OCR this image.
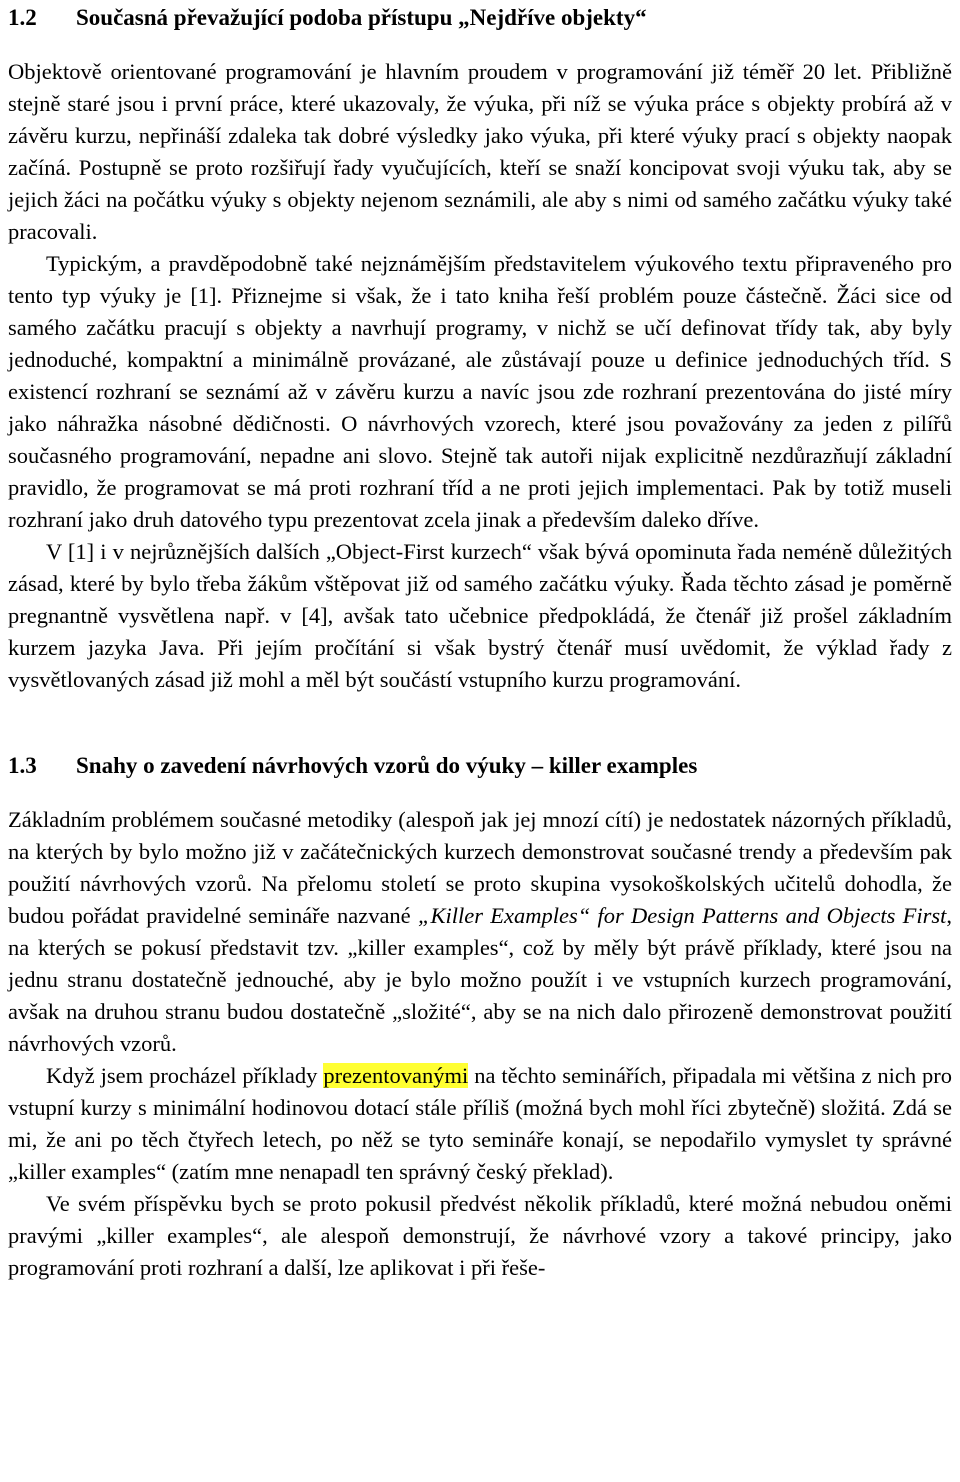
1.2	Současná převažující podoba přístupu „Nejdříve objekty“

Objektově orientované programování je hlavním proudem v programování již téměř 20 let. Přibližně stejně staré jsou i první práce, které ukazovaly, že výuka, při níž se výuka práce s objekty probírá až v závěru kurzu, nepřináší zdaleka tak dobré výsledky jako výuka, při které výuky prací s objekty naopak začíná. Postupně se proto rozšiřují řady vyučujících, kteří se snaží koncipovat svoji výuku tak, aby se jejich žáci na počátku výuky s objekty nejenom seznámili, ale aby s nimi od samého začátku výuky také pracovali.

Typickým, a pravděpodobně také nejznámějším představitelem výukového textu připraveného pro tento typ výuky je [1]. Přiznejme si však, že i tato kniha řeší problém pouze částečně. Žáci sice od samého začátku pracují s objekty a navrhují programy, v nichž se učí definovat třídy tak, aby byly jednoduché, kompaktní a minimálně provázané, ale zůstávají pouze u definice jednoduchých tříd. S existencí rozhraní se seznámí až v závěru kurzu a navíc jsou zde rozhraní prezentována do jisté míry jako náhražka násobné dědičnosti. O návrhových vzorech, které jsou považovány za jeden z pilířů současného programování, nepadne ani slovo. Stejně tak autoři nijak explicitně nezdůrazňují základní pravidlo, že programovat se má proti rozhraní tříd a ne proti jejich implementaci. Pak by totiž museli rozhraní jako druh datového typu prezentovat zcela jinak a především daleko dříve.

V [1] i v nejrůznějších dalších „Object-First kurzech“ však bývá opominuta řada neméně důležitých zásad, které by bylo třeba žákům vštěpovat již od samého začátku výuky. Řada těchto zásad je poměrně pregnantně vysvětlena např. v [4], avšak tato učebnice předpokládá, že čtenář již prošel základním kurzem jazyka Java. Při jejím pročítání si však bystrý čtenář musí uvědomit, že výklad řady z vysvětlovaných zásad již mohl a měl být součástí vstupního kurzu programování.

1.3	Snahy o zavedení návrhových vzorů do výuky – killer examples

Základním problémem současné metodiky (alespoň jak jej mnozí cítí) je nedostatek názorných příkladů, na kterých by bylo možno již v začátečnických kurzech demonstrovat současné trendy a především pak použití návrhových vzorů. Na přelomu století se proto skupina vysokoškolských učitelů dohodla, že budou pořádat pravidelné semináře nazvané „Killer Examples“ for Design Patterns and Objects First, na kterých se pokusí představit tzv. „killer examples“, což by měly být právě příklady, které jsou na jednu stranu dostatečně jednouché, aby je bylo možno použít i ve vstupních kurzech programování, avšak na druhou stranu budou dostatečně „složité“, aby se na nich dalo přirozeně demonstrovat použití návrhových vzorů.

Když jsem procházel příklady prezentovanými na těchto seminářích, připadala mi většina z nich pro vstupní kurzy s minimální hodinovou dotací stále příliš (možná bych mohl říci zbytečně) složitá. Zdá se mi, že ani po těch čtyřech letech, po něž se tyto semináře konají, se nepodařilo vymyslet ty správné „killer examples“ (zatím mne nenapadl ten správný český překlad).

Ve svém příspěvku bych se proto pokusil předvést několik příkladů, které možná nebudou oněmi pravými „killer examples“, ale alespoň demonstrují, že návrhové vzory a takové principy, jako programování proti rozhraní a další, lze aplikovat i při řeše-
